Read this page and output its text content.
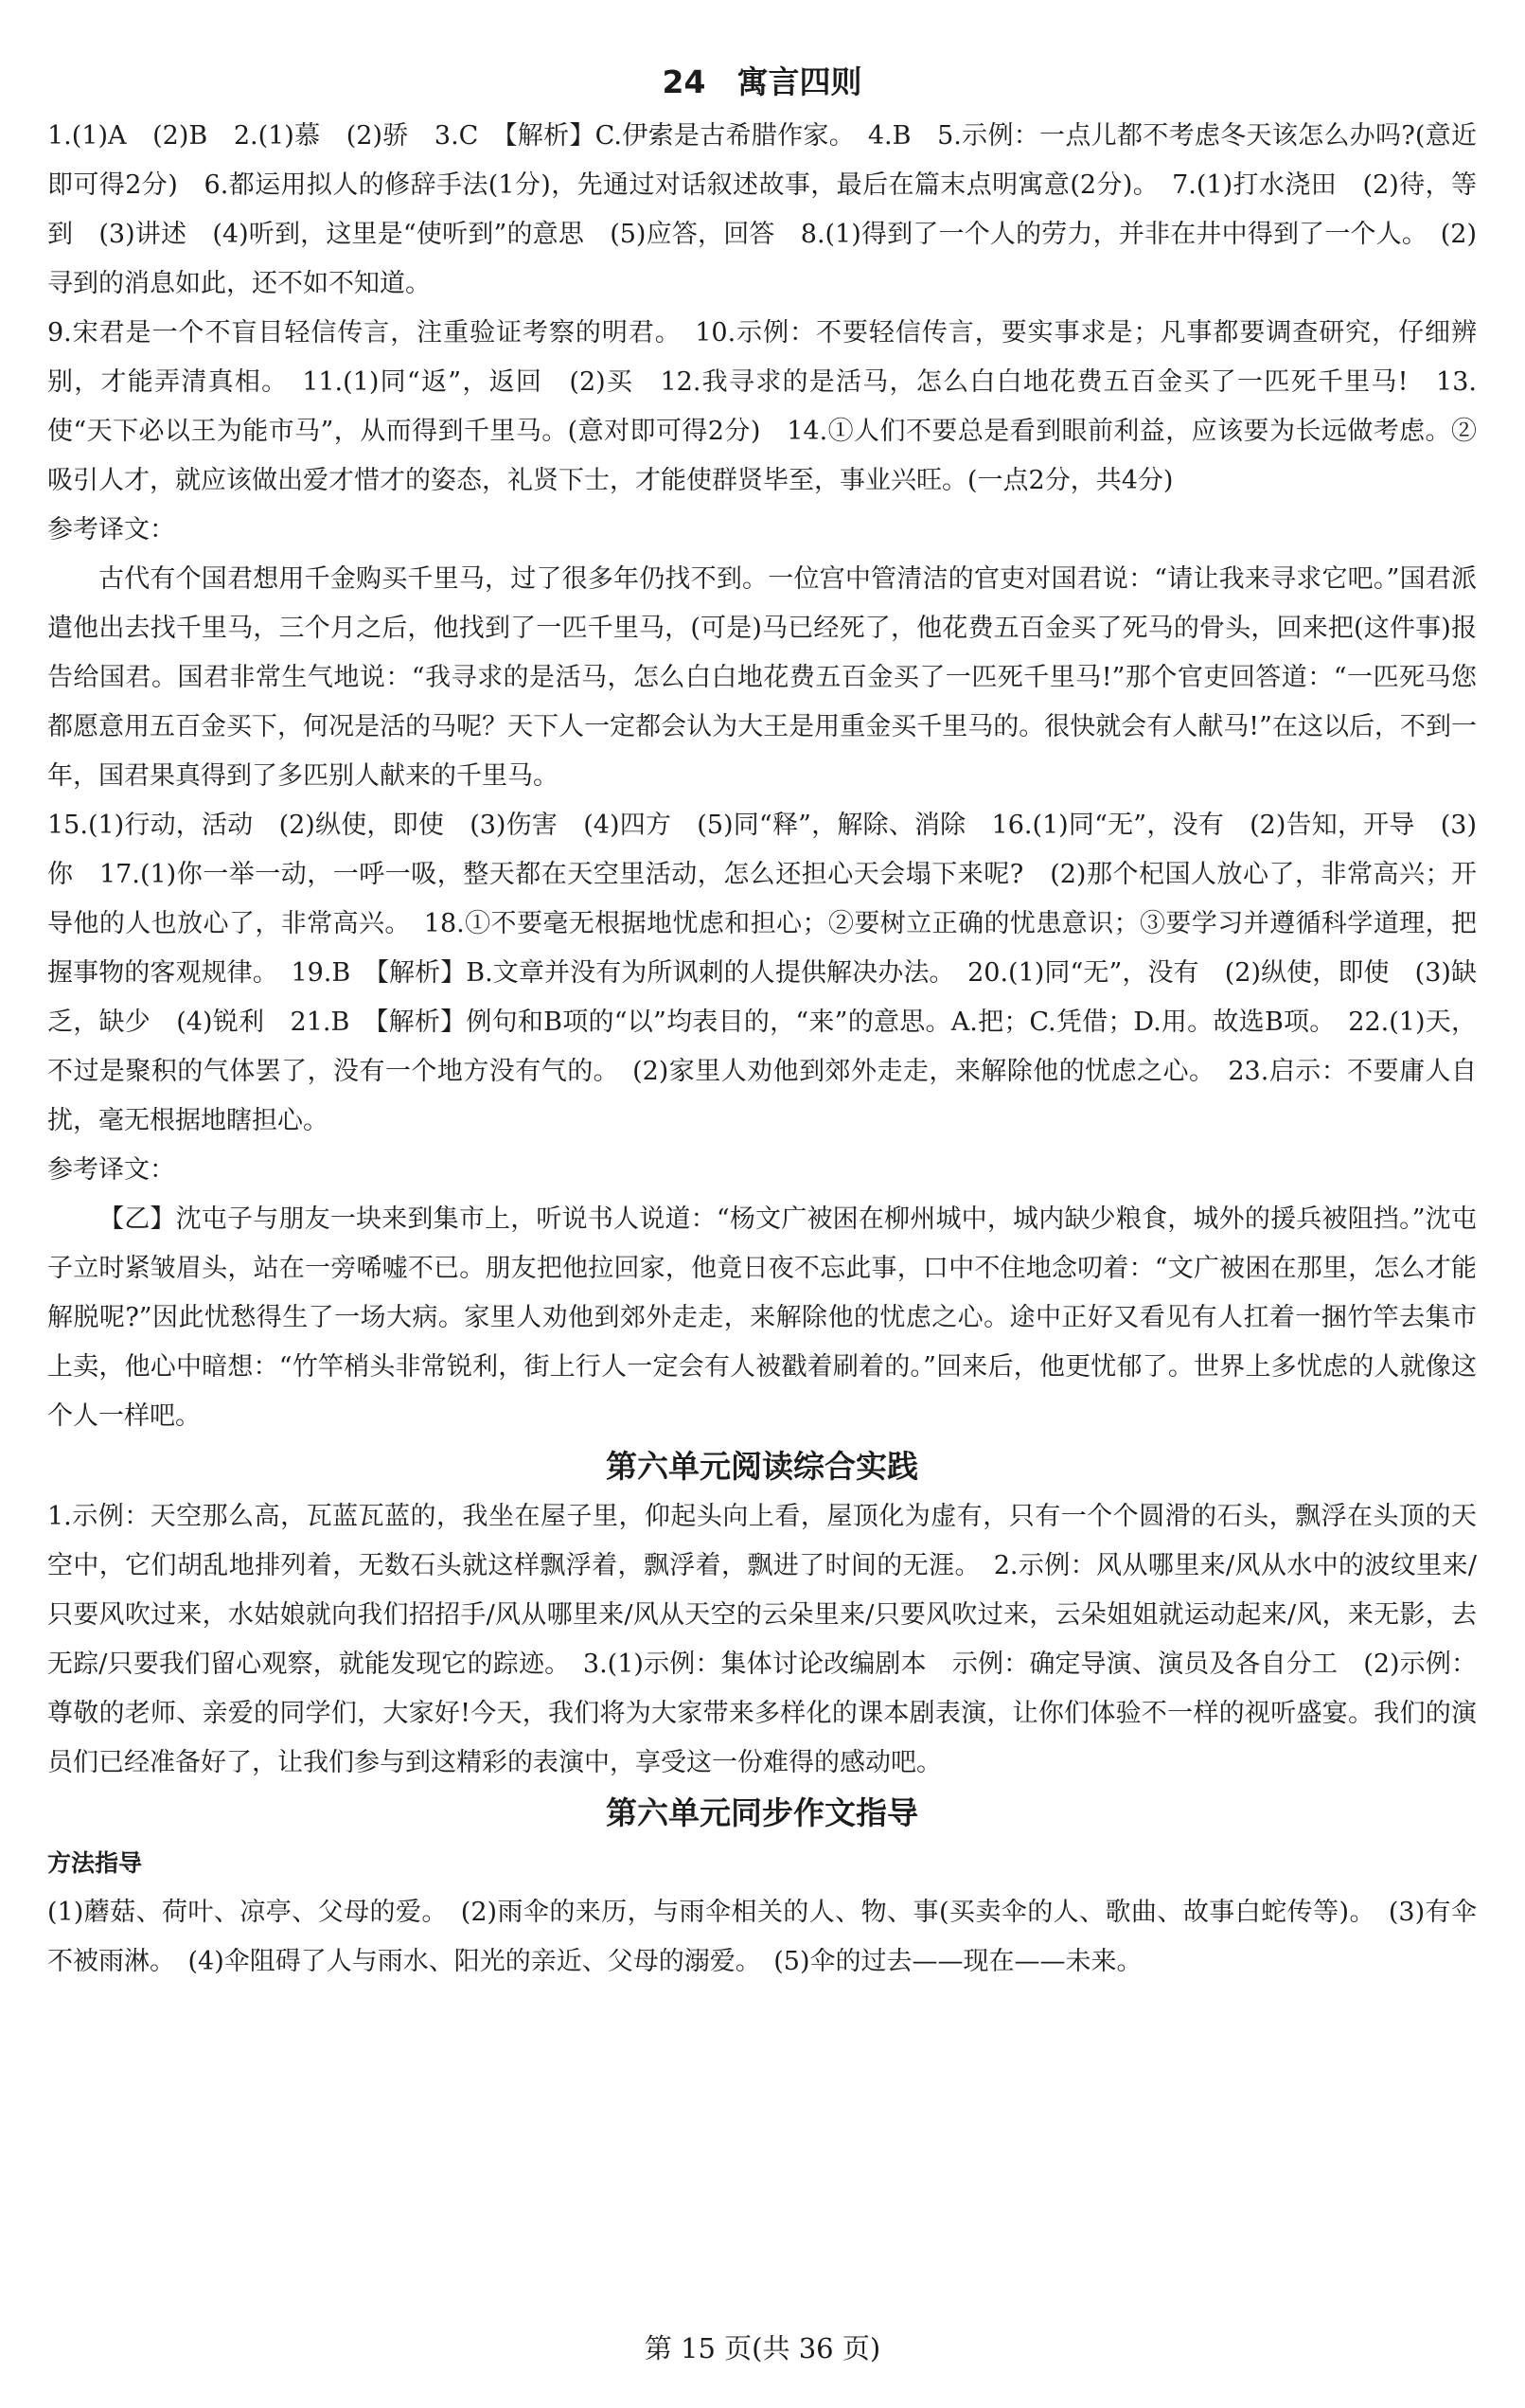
24　寓言四则

1.(1)A　(2)B　2.(1)慕　(2)骄　3.C　【解析】C.伊索是古希腊作家。　4.B　5.示例：一点儿都不考虑冬天该怎么办吗?(意近即可得2分)　6.都运用拟人的修辞手法(1分)，先通过对话叙述故事，最后在篇末点明寓意(2分)。　7.(1)打水浇田　(2)待，等到　(3)讲述　(4)听到，这里是“使听到”的意思　(5)应答，回答　8.(1)得到了一个人的劳力，并非在井中得到了一个人。　(2)寻到的消息如此，还不如不知道。

9.宋君是一个不盲目轻信传言，注重验证考察的明君。　10.示例：不要轻信传言，要实事求是；凡事都要调查研究，仔细辨别，才能弄清真相。　11.(1)同“返”，返回　(2)买　12.我寻求的是活马，怎么白白地花费五百金买了一匹死千里马!　13.使“天下必以王为能市马”，从而得到千里马。(意对即可得2分)　14.①人们不要总是看到眼前利益，应该要为长远做考虑。②吸引人才，就应该做出爱才惜才的姿态，礼贤下士，才能使群贤毕至，事业兴旺。(一点2分，共4分)

参考译文：

古代有个国君想用千金购买千里马，过了很多年仍找不到。一位宫中管清洁的官吏对国君说：“请让我来寻求它吧。”国君派遣他出去找千里马，三个月之后，他找到了一匹千里马，(可是)马已经死了，他花费五百金买了死马的骨头，回来把(这件事)报告给国君。国君非常生气地说：“我寻求的是活马，怎么白白地花费五百金买了一匹死千里马!”那个官吏回答道：“一匹死马您都愿意用五百金买下，何况是活的马呢？天下人一定都会认为大王是用重金买千里马的。很快就会有人献马!”在这以后，不到一年，国君果真得到了多匹别人献来的千里马。

15.(1)行动，活动　(2)纵使，即使　(3)伤害　(4)四方　(5)同“释”，解除、消除　16.(1)同“无”，没有　(2)告知，开导　(3)你　17.(1)你一举一动，一呼一吸，整天都在天空里活动，怎么还担心天会塌下来呢?　(2)那个杞国人放心了，非常高兴；开导他的人也放心了，非常高兴。　18.①不要毫无根据地忧虑和担心；②要树立正确的忧患意识；③要学习并遵循科学道理，把握事物的客观规律。　19.B　【解析】B.文章并没有为所讽刺的人提供解决办法。　20.(1)同“无”，没有　(2)纵使，即使　(3)缺乏，缺少　(4)锐利　21.B　【解析】例句和B项的“以”均表目的，“来”的意思。A.把；C.凭借；D.用。故选B项。　22.(1)天，不过是聚积的气体罢了，没有一个地方没有气的。　(2)家里人劝他到郊外走走，来解除他的忧虑之心。　23.启示：不要庸人自扰，毫无根据地瞎担心。

参考译文：

【乙】沈屯子与朋友一块来到集市上，听说书人说道：“杨文广被困在柳州城中，城内缺少粮食，城外的援兵被阻挡。”沈屯子立时紧皱眉头，站在一旁唏嘘不已。朋友把他拉回家，他竟日夜不忘此事，口中不住地念叨着：“文广被困在那里，怎么才能解脱呢?”因此忧愁得生了一场大病。家里人劝他到郊外走走，来解除他的忧虑之心。途中正好又看见有人扛着一捆竹竿去集市上卖，他心中暗想：“竹竿梢头非常锐利，街上行人一定会有人被戳着刷着的。”回来后，他更忧郁了。世界上多忧虑的人就像这个人一样吧。

第六单元阅读综合实践

1.示例：天空那么高，瓦蓝瓦蓝的，我坐在屋子里，仰起头向上看，屋顶化为虚有，只有一个个圆滑的石头，飘浮在头顶的天空中，它们胡乱地排列着，无数石头就这样飘浮着，飘浮着，飘进了时间的无涯。　2.示例：风从哪里来/风从水中的波纹里来/只要风吹过来，水姑娘就向我们招招手/风从哪里来/风从天空的云朵里来/只要风吹过来，云朵姐姐就运动起来/风，来无影，去无踪/只要我们留心观察，就能发现它的踪迹。　3.(1)示例：集体讨论改编剧本　示例：确定导演、演员及各自分工　(2)示例：尊敬的老师、亲爱的同学们，大家好!今天，我们将为大家带来多样化的课本剧表演，让你们体验不一样的视听盛宴。我们的演员们已经准备好了，让我们参与到这精彩的表演中，享受这一份难得的感动吧。

第六单元同步作文指导
方法指导

(1)蘑菇、荷叶、凉亭、父母的爱。　(2)雨伞的来历，与雨伞相关的人、物、事(买卖伞的人、歌曲、故事白蛇传等)。　(3)有伞不被雨淋。　(4)伞阻碍了人与雨水、阳光的亲近、父母的溺爱。　(5)伞的过去——现在——未来。

第 15 页(共 36 页)
